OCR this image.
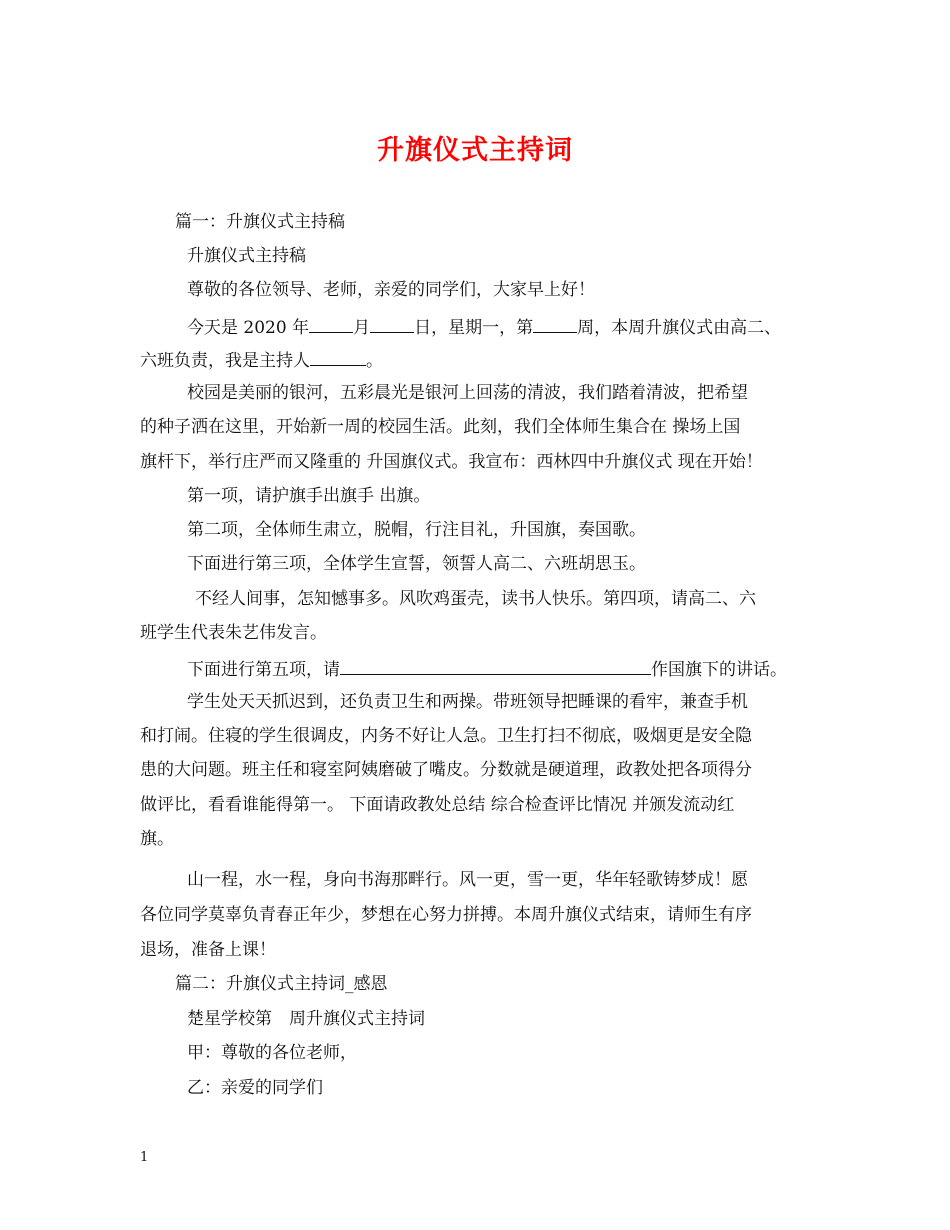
升旗仪式主持词
篇一：升旗仪式主持稿
升旗仪式主持稿
尊敬的各位领导、老师，亲爱的同学们，大家早上好！
今天是 2020 年	月	日，星期一，第	周，本周升旗仪式由高二、
六班负责，我是主持人	。
校园是美丽的银河，五彩晨光是银河上回荡的清波，我们踏着清波，把希望
的种子洒在这里，开始新一周的校园生活。此刻，我们全体师生集合在 操场上国
旗杆下，举行庄严而又隆重的 升国旗仪式。我宣布：西林四中升旗仪式 现在开始！
第一项，请护旗手出旗手 出旗。
第二项，全体师生肃立，脱帽，行注目礼，升国旗，奏国歌。
下面进行第三项，全体学生宣誓，领誓人高二、六班胡思玉。
不经人间事，怎知憾事多。风吹鸡蛋壳，读书人快乐。第四项，请高二、六
班学生代表朱艺伟发言。
下面进行第五项，请	作国旗下的讲话。
学生处天天抓迟到，还负责卫生和两操。带班领导把睡课的看牢，兼查手机
和打闹。住寝的学生很调皮，内务不好让人急。卫生打扫不彻底，吸烟更是安全隐
患的大问题。班主任和寝室阿姨磨破了嘴皮。分数就是硬道理，政教处把各项得分
做评比，看看谁能得第一。 下面请政教处总结 综合检查评比情况 并颁发流动红
旗。
山一程，水一程，身向书海那畔行。风一更，雪一更，华年轻歌铸梦成！愿
各位同学莫辜负青春正年少，梦想在心努力拼搏。本周升旗仪式结束，请师生有序
退场，准备上课！
篇二：升旗仪式主持词_感恩
楚星学校第　周升旗仪式主持词
甲：尊敬的各位老师，
乙：亲爱的同学们
1
